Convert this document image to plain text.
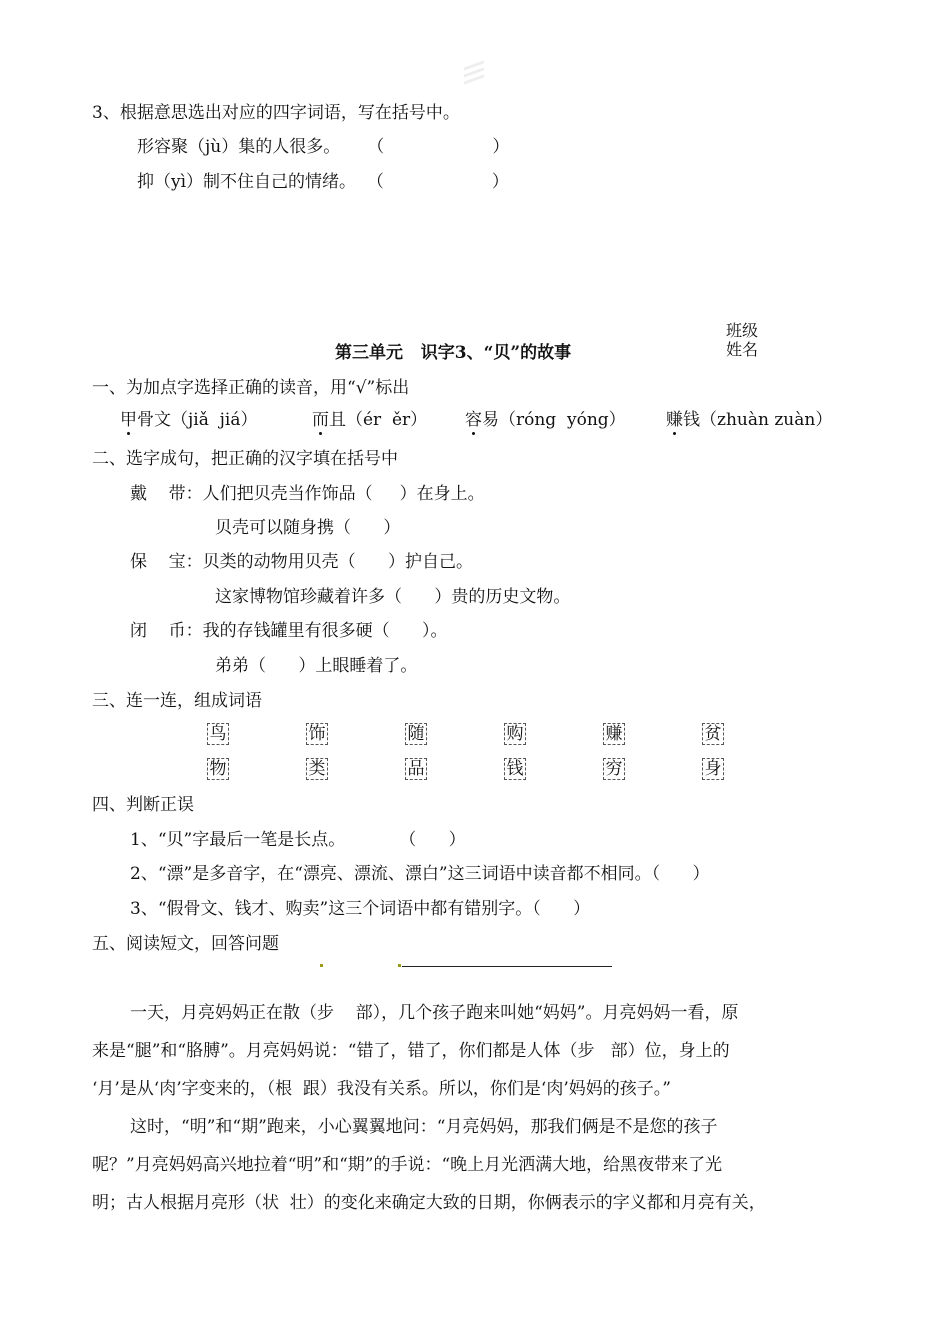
3、根据意思选出对应的四字词语，写在括号中。
形容聚（jù）集的人很多。     （                    ）
抑（yì）制不住自己的情绪。  （                    ）
班级
姓名
第三单元   识字3、“贝”的故事
一、为加点字选择正确的读音，用“√”标出
甲骨文（jiǎ  jiá）	而且（ér  ěr） 容易（róng  yóng） 赚钱（zhuàn zuàn）
二、选字成句，把正确的汉字填在括号中
戴    带：人们把贝壳当作饰品（     ）在身上。
贝壳可以随身携（      ）
保    宝：贝类的动物用贝壳（      ）护自己。
这家博物馆珍藏着许多（      ）贵的历史文物。
闭    币：我的存钱罐里有很多硬（      ）。
弟弟（      ）上眼睡着了。
三、连一连，组成词语
鸟	饰	随	购	赚	贫
物	类	品	钱	穷	身
四、判断正误
1、“贝”字最后一笔是长点。          （      ）
2、“漂”是多音字，在“漂亮、漂流、漂白”这三词语中读音都不相同。（      ）
3、“假骨文、钱才、购卖”这三个词语中都有错别字。（      ）
五、阅读短文，回答问题
一天，月亮妈妈正在散（步    部），几个孩子跑来叫她“妈妈”。月亮妈妈一看，原
来是“腿”和“胳膊”。月亮妈妈说：“错了，错了，你们都是人体（步   部）位，身上的
‘月’是从‘肉’字变来的，（根  跟）我没有关系。所以，你们是‘肉’妈妈的孩子。”
这时，“明”和“期”跑来，小心翼翼地问：“月亮妈妈，那我们俩是不是您的孩子
呢？”月亮妈妈高兴地拉着“明”和“期”的手说：“晚上月光洒满大地，给黑夜带来了光
明；古人根据月亮形（状  壮）的变化来确定大致的日期，你俩表示的字义都和月亮有关，
